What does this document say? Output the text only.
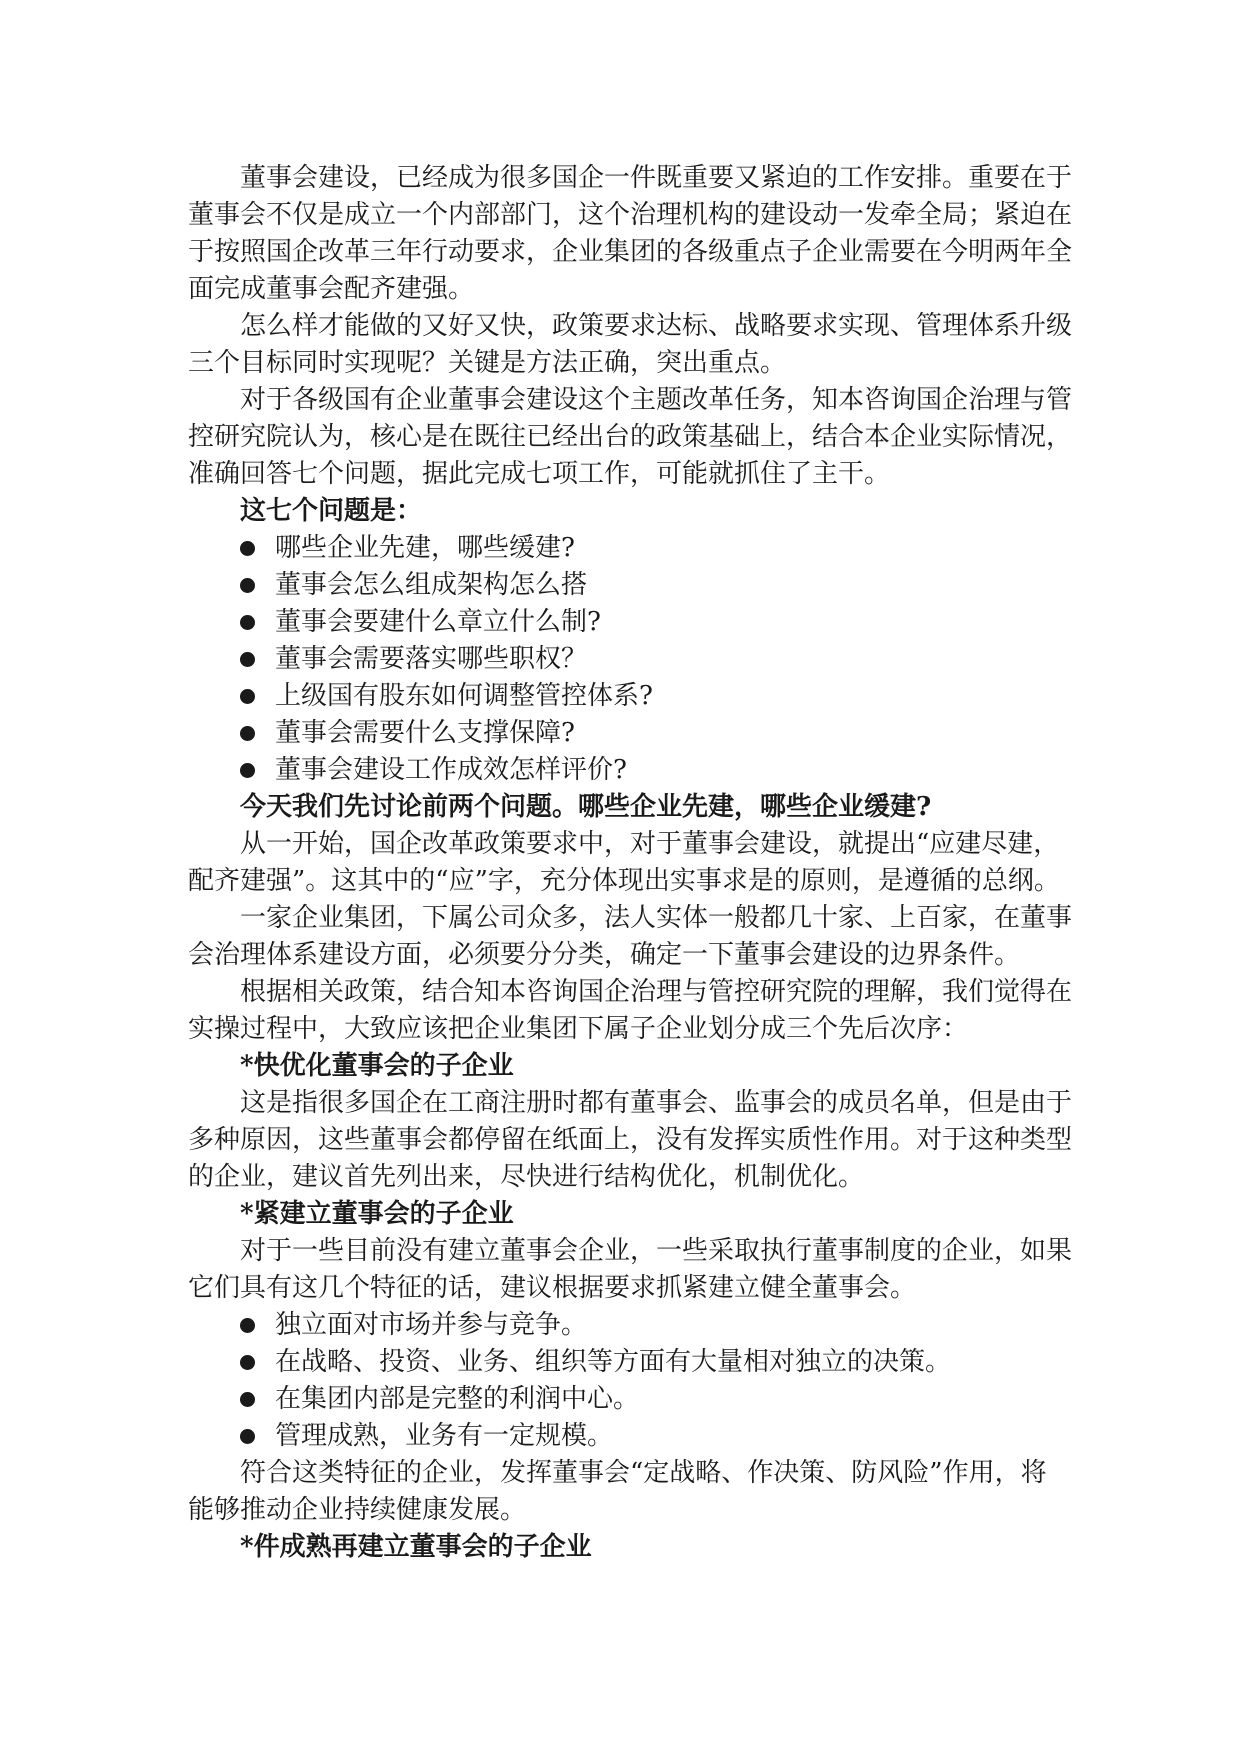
董事会建设，已经成为很多国企一件既重要又紧迫的工作安排。重要在于
董事会不仅是成立一个内部部门，这个治理机构的建设动一发牵全局；紧迫在
于按照国企改革三年行动要求，企业集团的各级重点子企业需要在今明两年全
面完成董事会配齐建强。
怎么样才能做的又好又快，政策要求达标、战略要求实现、管理体系升级
三个目标同时实现呢？关键是方法正确，突出重点。
对于各级国有企业董事会建设这个主题改革任务，知本咨询国企治理与管
控研究院认为，核心是在既往已经出台的政策基础上，结合本企业实际情况，
准确回答七个问题，据此完成七项工作，可能就抓住了主干。
这七个问题是：
哪些企业先建，哪些缓建?
董事会怎么组成架构怎么搭
董事会要建什么章立什么制?
董事会需要落实哪些职权？
上级国有股东如何调整管控体系?
董事会需要什么支撑保障?
董事会建设工作成效怎样评价?
今天我们先讨论前两个问题。哪些企业先建，哪些企业缓建?
从一开始，国企改革政策要求中，对于董事会建设，就提出“应建尽建，
配齐建强”。这其中的“应”字，充分体现出实事求是的原则，是遵循的总纲。
一家企业集团，下属公司众多，法人实体一般都几十家、上百家，在董事
会治理体系建设方面，必须要分分类，确定一下董事会建设的边界条件。
根据相关政策，结合知本咨询国企治理与管控研究院的理解，我们觉得在
实操过程中，大致应该把企业集团下属子企业划分成三个先后次序：
*快优化董事会的子企业
这是指很多国企在工商注册时都有董事会、监事会的成员名单，但是由于
多种原因，这些董事会都停留在纸面上，没有发挥实质性作用。对于这种类型
的企业，建议首先列出来，尽快进行结构优化，机制优化。
*紧建立董事会的子企业
对于一些目前没有建立董事会企业，一些采取执行董事制度的企业，如果
它们具有这几个特征的话，建议根据要求抓紧建立健全董事会。
独立面对市场并参与竞争。
在战略、投资、业务、组织等方面有大量相对独立的决策。
在集团内部是完整的利润中心。
管理成熟，业务有一定规模。
符合这类特征的企业，发挥董事会“定战略、作决策、防风险”作用，将
能够推动企业持续健康发展。
*件成熟再建立董事会的子企业
